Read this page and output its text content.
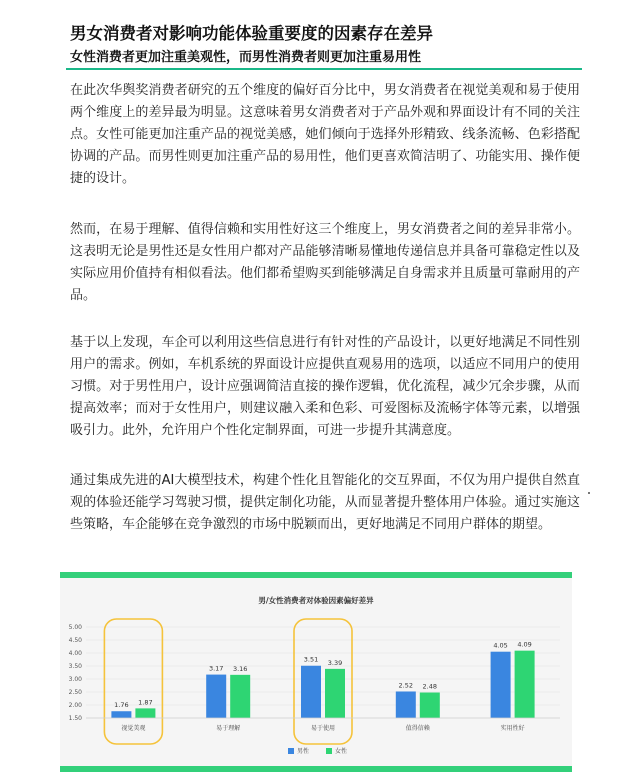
男女消费者对影响功能体验重要度的因素存在差异
女性消费者更加注重美观性，而男性消费者则更加注重易用性
在此次华舆奖消费者研究的五个维度的偏好百分比中，男女消费者在视觉美观和易于使用两个维度上的差异最为明显。这意味着男女消费者对于产品外观和界面设计有不同的关注点。女性可能更加注重产品的视觉美感，她们倾向于选择外形精致、线条流畅、色彩搭配协调的产品。而男性则更加注重产品的易用性，他们更喜欢简洁明了、功能实用、操作便捷的设计。
然而，在易于理解、值得信赖和实用性好这三个维度上，男女消费者之间的差异非常小。这表明无论是男性还是女性用户都对产品能够清晰易懂地传递信息并具备可靠稳定性以及实际应用价值持有相似看法。他们都希望购买到能够满足自身需求并且质量可靠耐用的产品。
基于以上发现，车企可以利用这些信息进行有针对性的产品设计，以更好地满足不同性别用户的需求。例如，车机系统的界面设计应提供直观易用的选项，以适应不同用户的使用习惯。对于男性用户，设计应强调简洁直接的操作逻辑，优化流程，减少冗余步骤，从而提高效率；而对于女性用户，则建议融入柔和色彩、可爱图标及流畅字体等元素，以增强吸引力。此外，允许用户个性化定制界面，可进一步提升其满意度。
通过集成先进的AI大模型技术，构建个性化且智能化的交互界面，不仅为用户提供自然直观的体验还能学习驾驶习惯，提供定制化功能，从而显著提升整体用户体验。通过实施这些策略，车企能够在竞争激烈的市场中脱颖而出，更好地满足不同用户群体的期望。
男/女性消费者对体验因素偏好差异
5.00
4.50
4.00
3.50
3.00
2.50
2.00
1.50
1.76 1.87
视觉美观
3.17 3.16
易于理解
3.51 3.39
易于使用
2.52 2.48
值得信赖
4.05 4.09
实用性好
男性	女性
